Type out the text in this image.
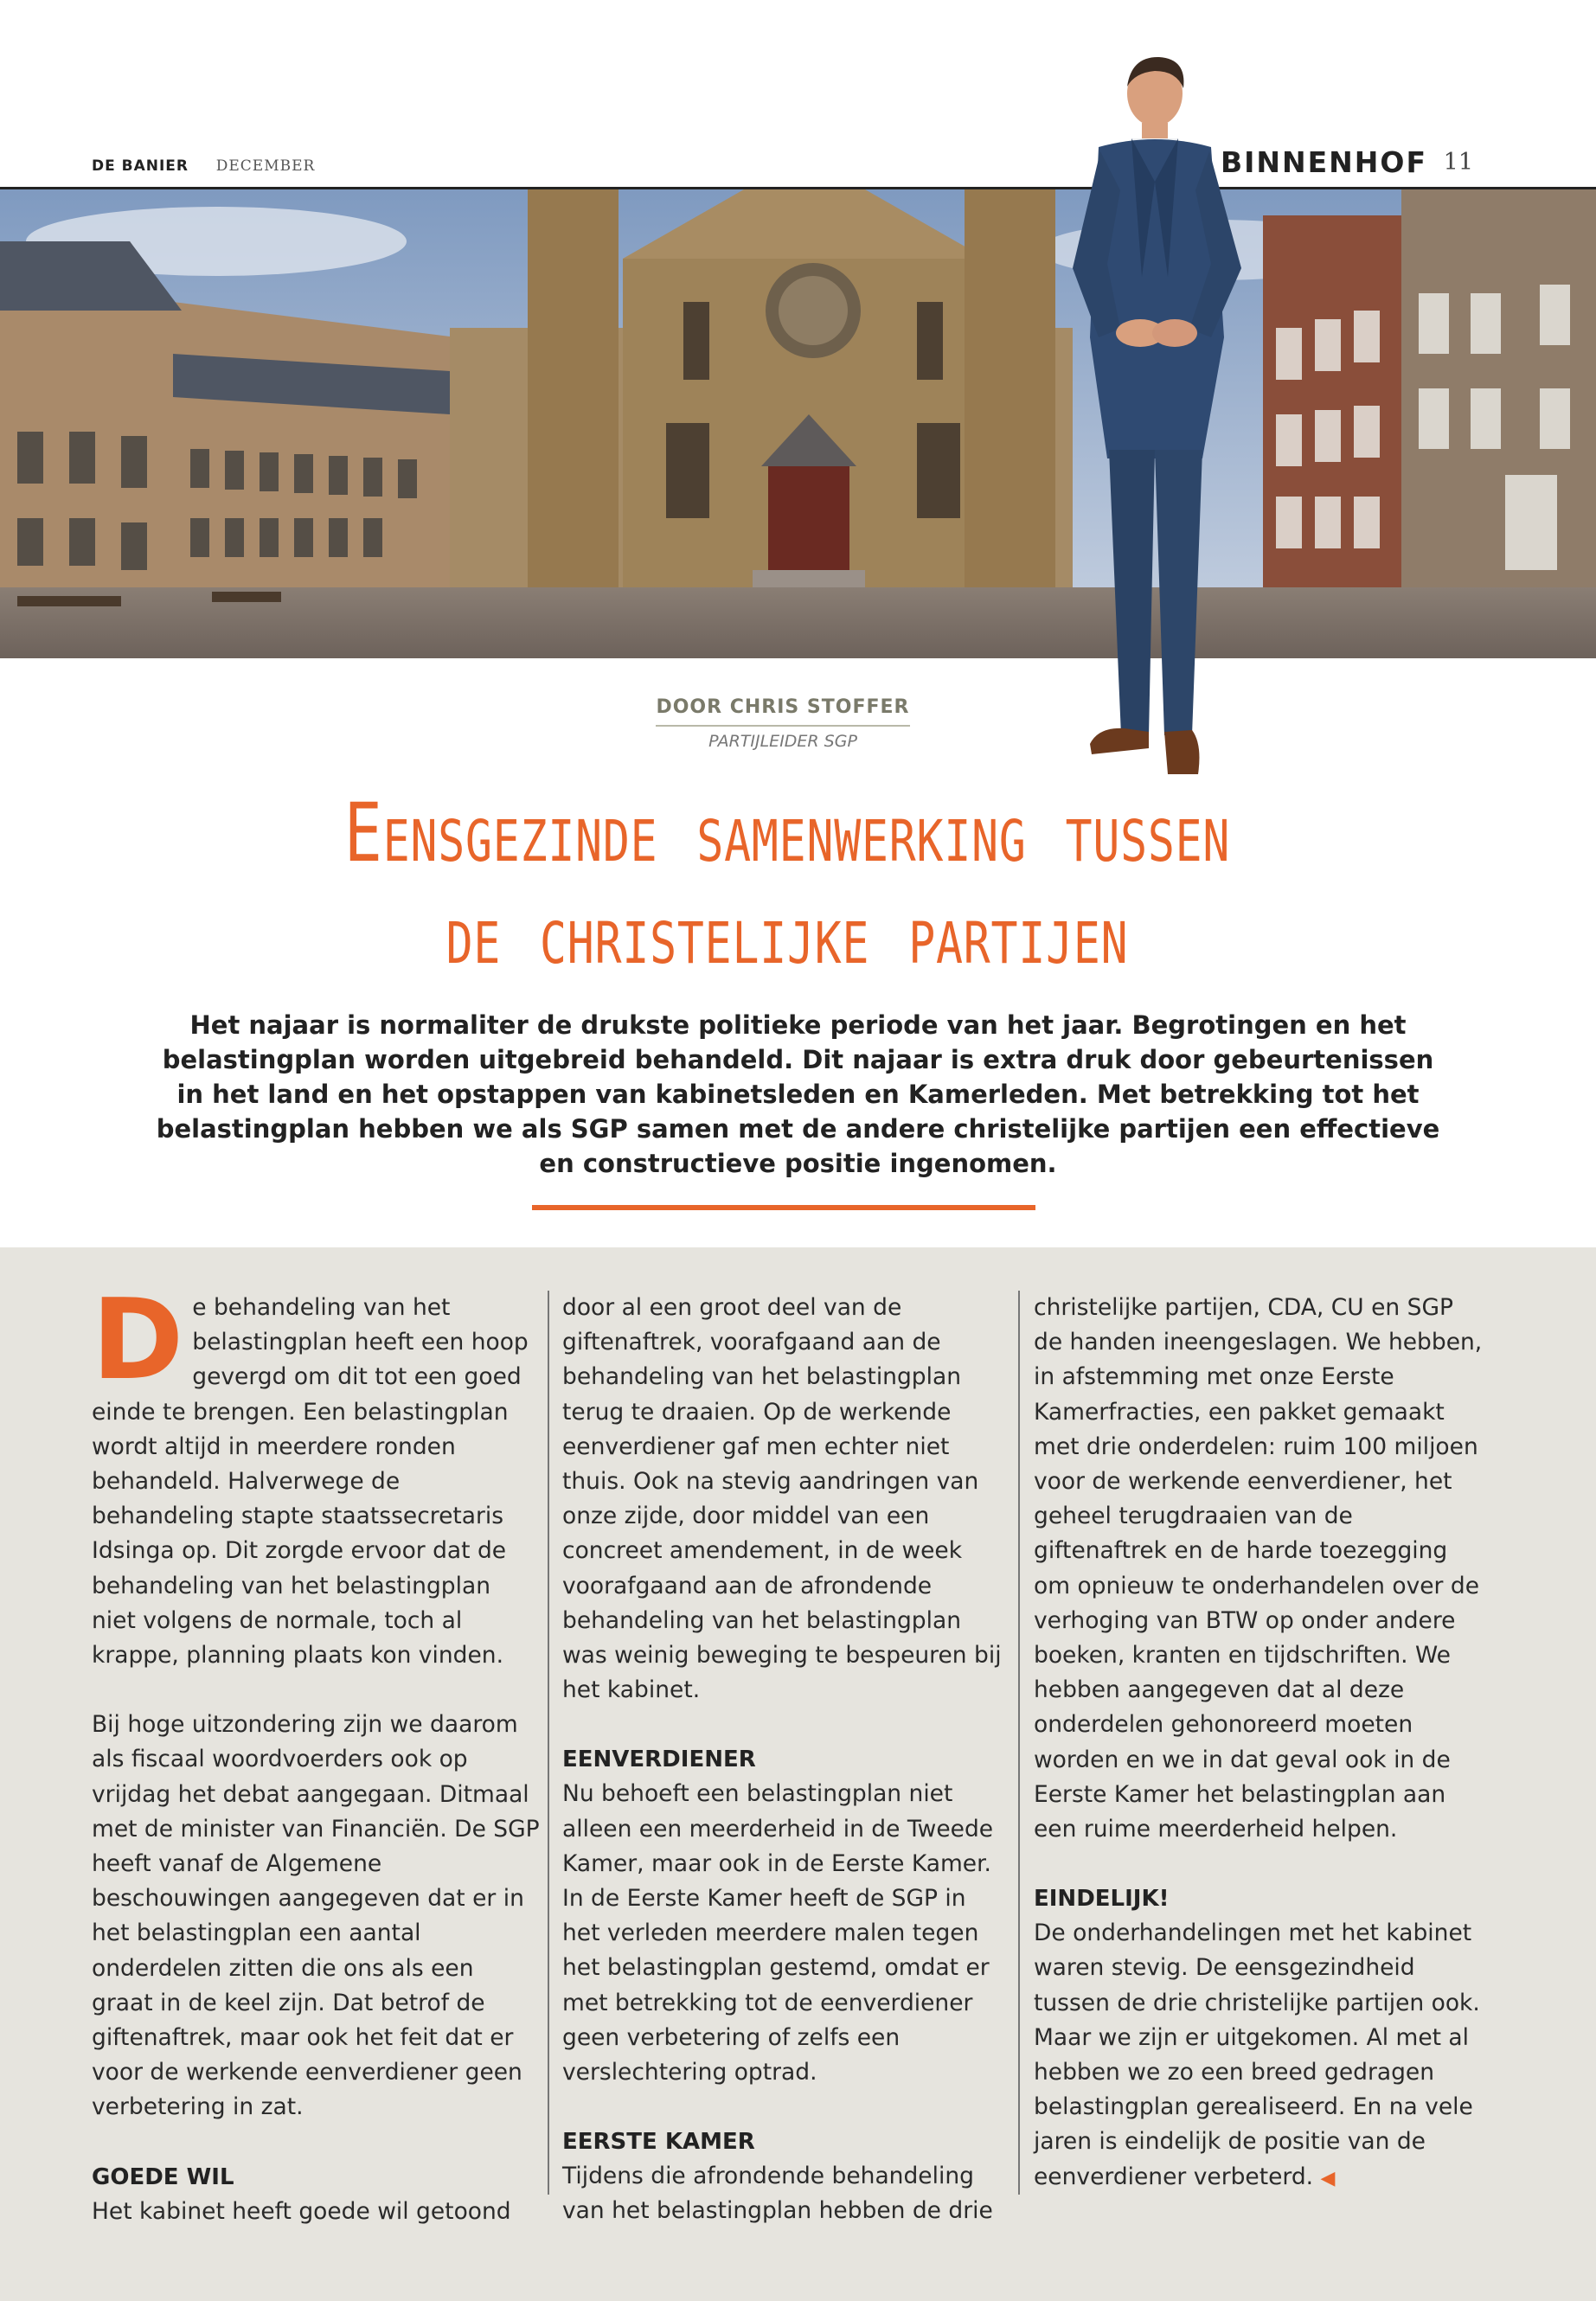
DE BANIER DECEMBER	BINNENHOF 11
DOOR CHRIS STOFFER
PARTIJLEIDER SGP
Eensgezinde samenwerking tussen
de christelijke partijen
Het najaar is normaliter de drukste politieke periode van het jaar. Begrotingen en het belastingplan worden uitgebreid behandeld. Dit najaar is extra druk door gebeurtenissen in het land en het opstappen van kabinetsleden en Kamerleden. Met betrekking tot het belastingplan hebben we als SGP samen met de andere christelijke partijen een effectieve en constructieve positie ingenomen.

De behandeling van het belastingplan heeft een hoop gevergd om dit tot een goed einde te brengen. Een belastingplan wordt altijd in meerdere ronden behandeld. Halverwege de behandeling stapte staatssecretaris Idsinga op. Dit zorgde ervoor dat de behandeling van het belastingplan niet volgens de normale, toch al krappe, planning plaats kon vinden.

Bij hoge uitzondering zijn we daarom als fiscaal woordvoerders ook op vrijdag het debat aangegaan. Ditmaal met de minister van Financiën. De SGP heeft vanaf de Algemene beschouwingen aangegeven dat er in het belastingplan een aantal onderdelen zitten die ons als een graat in de keel zijn. Dat betrof de giftenaftrek, maar ook het feit dat er voor de werkende eenverdiener geen verbetering in zat.

GOEDE WIL

Het kabinet heeft goede wil getoond

door al een groot deel van de giftenaftrek, voorafgaand aan de behandeling van het belastingplan terug te draaien. Op de werkende eenverdiener gaf men echter niet thuis. Ook na stevig aandringen van onze zijde, door middel van een concreet amendement, in de week voorafgaand aan de afrondende behandeling van het belastingplan was weinig beweging te bespeuren bij het kabinet.

EENVERDIENER

Nu behoeft een belastingplan niet alleen een meerderheid in de Tweede Kamer, maar ook in de Eerste Kamer. In de Eerste Kamer heeft de SGP in het verleden meerdere malen tegen het belastingplan gestemd, omdat er met betrekking tot de eenverdiener geen verbetering of zelfs een verslechtering optrad.

EERSTE KAMER

Tijdens die afrondende behandeling van het belastingplan hebben de drie

christelijke partijen, CDA, CU en SGP de handen ineengeslagen. We hebben, in afstemming met onze Eerste Kamerfracties, een pakket gemaakt met drie onderdelen: ruim 100 miljoen voor de werkende eenverdiener, het geheel terugdraaien van de giftenaftrek en de harde toezegging om opnieuw te onderhandelen over de verhoging van BTW op onder andere boeken, kranten en tijdschriften. We hebben aangegeven dat al deze onderdelen gehonoreerd moeten worden en we in dat geval ook in de Eerste Kamer het belastingplan aan een ruime meerderheid helpen.

EINDELIJK!

De onderhandelingen met het kabinet waren stevig. De eensgezindheid tussen de drie christelijke partijen ook. Maar we zijn er uitgekomen. Al met al hebben we zo een breed gedragen belastingplan gerealiseerd. En na vele jaren is eindelijk de positie van de eenverdiener verbeterd. ◀
